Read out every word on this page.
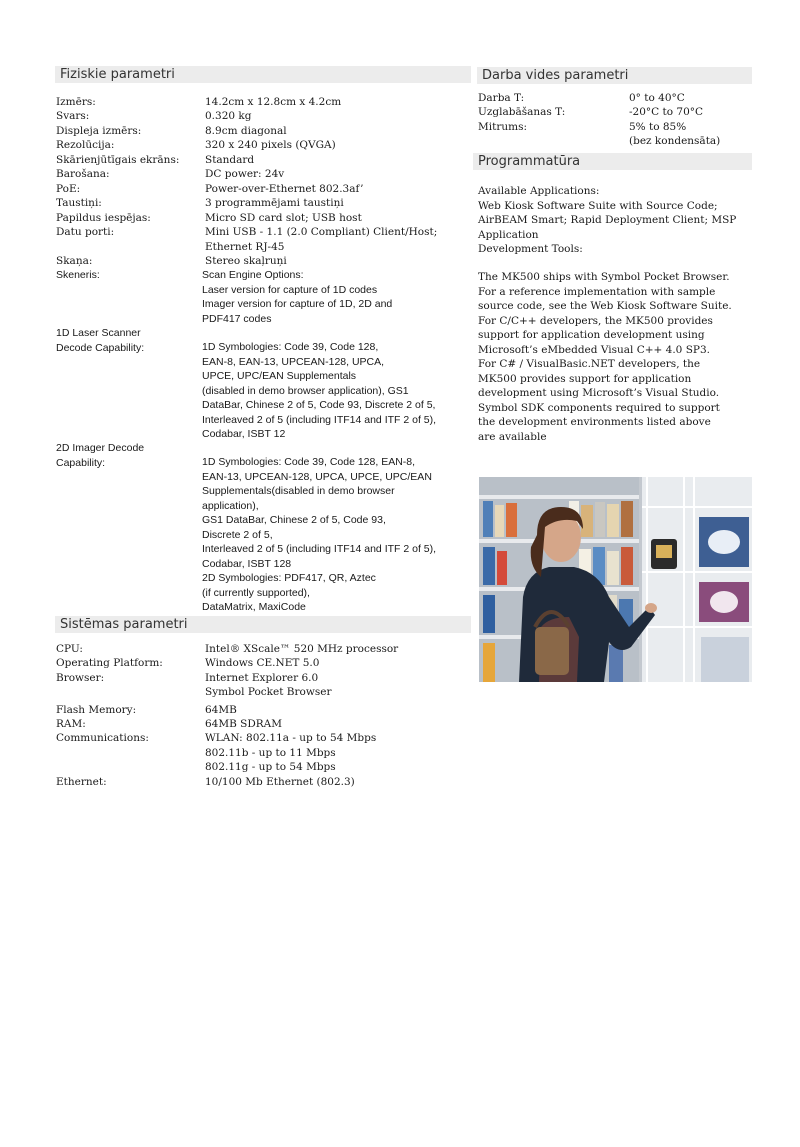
Fiziskie parametri
Izmērs:	14.2cm x 12.8cm x 4.2cm
Svars:	0.320 kg
Displeja izmērs:	8.9cm diagonal
Rezolūcija:	320 x 240 pixels (QVGA)
Skārienjūtīgais ekrāns: Standard
Barošana:	DC power: 24v
PoE:	Power-over-Ethernet 802.3af’
Taustiņi:	3 programmējami taustiņi
Papildus iespējas:	Micro SD card slot; USB host
Datu porti:	Mini USB - 1.1 (2.0 Compliant) Client/Host;
Ethernet RJ-45
Skaņa:	Stereo skaļruņi
Skeneris:	Scan Engine Options:
Laser version for capture of 1D codes
Imager version for capture of 1D, 2D and
PDF417 codes
1D Laser Scanner
Decode Capability:	1D Symbologies: Code 39, Code 128,
EAN-8, EAN-13, UPCEAN-128, UPCA,
UPCE, UPC/EAN Supplementals
(disabled in demo browser application), GS1
DataBar, Chinese 2 of 5, Code 93, Discrete 2 of 5,
Interleaved 2 of 5 (including ITF14 and ITF 2 of 5),
Codabar, ISBT 12
2D Imager Decode
Capability:	1D Symbologies: Code 39, Code 128, EAN-8,
EAN-13, UPCEAN-128, UPCA, UPCE, UPC/EAN
Supplementals(disabled in demo browser
application),
GS1 DataBar, Chinese 2 of 5, Code 93,
Discrete 2 of 5,
Interleaved 2 of 5 (including ITF14 and ITF 2 of 5),
Codabar, ISBT 128
2D Symbologies: PDF417, QR, Aztec
(if currently supported),
DataMatrix, MaxiCode
Sistēmas parametri
CPU:	Intel® XScale™ 520 MHz processor
Operating Platform:	Windows CE.NET 5.0
Browser:	Internet Explorer 6.0
Symbol Pocket Browser
Flash Memory:	64MB
RAM:	64MB SDRAM
Communications:	WLAN: 802.11a - up to 54 Mbps
802.11b - up to 11 Mbps
802.11g - up to 54 Mbps
Ethernet:	10/100 Mb Ethernet (802.3)
Darba vides parametri
Darba T:	0° to 40°C
Uzglabāšanas T:	-20°C to 70°C
Mitrums:	5% to 85%
(bez kondensāta)
Programmatūra
Available Applications:
Web Kiosk Software Suite with Source Code;
AirBEAM Smart; Rapid Deployment Client; MSP
Application
Development Tools:
The MK500 ships with Symbol Pocket Browser.
For a reference implementation with sample
source code, see the Web Kiosk Software Suite.
For C/C++ developers, the MK500 provides
support for application development using
Microsoft’s eMbedded Visual C++ 4.0 SP3.
For C# / VisualBasic.NET developers, the
MK500 provides support for application
development using Microsoft’s Visual Studio.
Symbol SDK components required to support
the development environments listed above
are available
